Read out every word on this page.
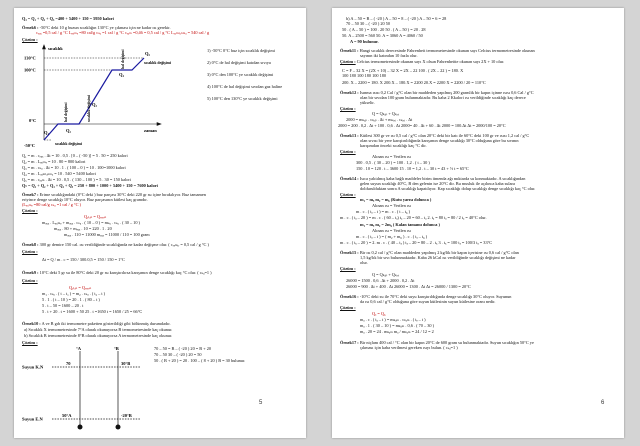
Q₃ = Q₁ + Q₂ + Q₃ =400 + 5400 + 150 = 5950 kalori
Örnek6 : -50°C deki 10 g buzun sıcaklığın 130°C ye çıkması için ne kadar ısı gerekir.
cₔᵤₓ =0,5 cal / g °C Lₑᵣᵢₘₑ =80 cal/g cₛᵤ =1 cal / g °C cₔₐₘ =0,46 = 0,5 cal / g °C Lₔₐₘₗₐₙₘₐ = 540 cal / g
Çözüm :
130°C
100°C
0°C
-50°C
sıcaklık
zaman
Q₁	Q₂
Q₃
Q₄
Q₅
sıcaklık değişimi
hal değişimi	sıcaklık değişimi
hal değişimi	sıcaklık değişimi
1) -50°C 0°C buz için sıcaklık değişimi
2) 0°C de hal değişimi katıdan sıvıya
3) 0°C den 100°C ye sıcaklık değişimi
4) 100°C de hal değişimi sıvıdan gaz haline
5) 100°C den 130°C ye sıcaklık değişimi
Q₁ = m . cₔᵤₓ . Δt = 10 . 0,5 . [0 – ( -50 )] = 5 . 50 = 250 kalori
Q₂ = m . Lₑᵣᵢₘₑ = 10 . 80 = 800 kalori
Q₃ = m . cₛᵤ . Δt = 10 . 1 . ( 100 – 0 ) = 10 . 100=1000 kalori
Q₄ = m . Lₔₐₘₗₐₙₘₐ = 10 . 540 = 5400 kalori
Q₅ = m . cₔₐₘ . Δt = 10 . 0,5 . ( 130 – 100 ) = 5 . 30 = 150 kalori
Qₜ = Q₁ + Q₂ + Q₃ + Q₄ + Q₅ = 250 + 800 + 1000 + 5400 + 150 = 7600 kalori
Örnek7 : Erime sıcaklığındaki (0°C deki ) buz parçası 30°C deki 220 gr su içine bırakılıyor. Buz tamamen
eriyince denge sıcaklığı 10°C oluyor. Buz parçasının kütlesi kaç gramdır.
(Lₑᵣᵢₘₑ =80 cal/g cₛᵤ =1 cal / g °C )
Çözüm :
Qₐₗₐₙ = Qᵥₑᵣₑₙ
mₔᵤₓ . Lₑᵣᵢₘₑ + mₔᵤₓ . cₛᵤ . ( 10 – 0 ) = mₛᵤ . cₛᵤ . ( 30 – 10 )
mₔᵤₓ . 80 + mₔᵤₓ . 10 = 220 . 1 . 20
mₔᵤₓ . 110 = 11000 mₔᵤₓ = 11000 / 110 = 100 gram
Örnek8 : 300 gr demire 150 cal. ısı verildiğinde sıcaklığında ne kadar değişme olur. ( cₔₑₘᵢᵣ = 0,5 cal / g °C )
Çözüm :
Δt = Q / m . c = 150 / 300.0,5 = 150 / 150 = 1°C
Örnek9 : 10°C deki 5 gr su ile 80°C deki 20 gr su karıştırılırsa karışımın denge sıcaklığı kaç °C olur. ( cₛᵤ=1 )
Çözüm :
Qₐₗₐₙ = Qᵥₑᵣₑₙ
m₁ . cₛᵤ . ( t – t₁ ) = m₂ . cₛᵤ . ( t₂ – t )
5 . 1 . ( t – 10 ) = 20 . 1 . ( 80 – t )
5 . t – 50 = 1600 – 20 . t
5 . t + 20 . t = 1600 + 50 25 . t =1650 t = 1650 / 25 = 66°C
Örnek10 : A ve B gıb iki termometre paketten gösterildiği gibi bölünmüş durumdadır.
a) Sıcaklık X termometresinde 7°A olarak okunuyorsa B termometresinde kaç okunur.
b) Sıcaklık B termometresinde 8°B olarak okunuyorsa A termometresinde kaç okunur.
Çözüm :
°A	°B
Suyun K.N
Suyun E.N
70
50°A
30°B
-20°B
70 – 50 = B – ( -20 ) 20 = B + 20
70 – 50 30 – ( -20 ) 20 = 50
50 . ( B + 20 ) = 20 . 100 – ( 8 + 20 ) B = 30 bulunur.
5
b) A – 50 = B – ( -20 ) A – 50 = 8 – ( -20 ) A – 50 = 6 = 28
70 – 50 30 – ( -20 ) 20 50
50 . ( A – 50 ) = 100 . 20 50 . ( A – 50 ) = 20 . 28
50. A – 2500 = 560 50. A = 3060 A = 4060 / 50
A = 90 bulunur.
Örnek11 : Hangi sıcaklık derecesinde Fahrenheit termometresinde okunan sayı Celcius termometresinde okunan
sayının iki katından 10 fazla olur.
Çözüm : Celcius termometresinde okunan sayı X olsun Fahrenheitte okunan sayı 2X + 10 olur.
C = F – 32 X = (2X + 10) – 32 X = 2X – 22 100 . ( 2X – 22 ) = 180. X
100 180 100 180 100 180
200. X – 2200 = 180. X 200.X – 180.X = 2200 20.X = 2200 X = 2200 / 20 = 110°C
Örnek12 : Isınma ısısı 0,2 Cal / g°C olan bir maddeden yapılmış 200 gramlik bir kapın içinne ısısı 0,6 Cal / g°C
olan bir sıvıdan 100 gram bulunmaktadır. Bu kaba 2 Kkalori ısı verildiğinde sıcaklığı kaç derece
yükselir.
Çözüm :
Q = Qₖₐₚ + Qₛᵢᵥᵢ
2000 = mₖₐₚ . cₖₐₚ . Δt + mₛᵢᵥᵢ . cₛᵢᵥᵢ . Δt
2000 = 200 . 0,2 . Δt + 100 . 0,6 . Δt 2000= 40 . Δt + 60 . Δt 2000 = 100.Δt Δt = 2000/100 = 20°C
Örnek13 : Kütlesi 300 gr ve ısı 0,5 cal / g°C olan 20°C deki bir katı ile 60°C deki 100 gr ve ısısı 1,2 cal / g°C
olan sıvısı bir yere karıştırıldığında karışımın denge sıcaklığı 30°C olduğuna göre bu sıvının
karışımdan önceki sıcaklığı kaç °C dir.
Çözüm :
Alınan ısı = Verilen ısı
300 . 0,5 . ( 30 – 20 ) = 100 . 1,2 . ( t – 30 )
150 . 10 = 120 . t – 3600 15 . 10 = 1,2 . t – 30 t = 43 + ½ t = 65°C
Örnek14 : Isıca yalıtılmış kaba bağlı maddeler birim itmenda ağı mıktarda su konmaktadır. A sıcaklığından
gelen suyun sıcaklığı 40°C, B den gelenin ise 20°C dir. Bu musluk ile açılınca kaba sulara
doldurulduktan sonra A sıcaklığı kapatılıyor. Kap sıcaklığı dolup sıcaklığı denge sıcaklığı kaç °C olur.
Çözüm :
m₁ = mₐ m₂ = m₆ (Kutu yarısı dolunca )
Alınan ısı = Verilen ısı
m . c . ( tₐ – t ) = m . c . ( t – t₆ )
m . c . ( tₐ – 20 ) = m . c . ( 60 – tₐ) tₐ – 20 = 60 – tₐ 2. tₐ = 80 tₐ = 80 / 2 tₐ = 40°C olur.
m₁ = mₐ m₂ = 2m₆ ( Kalan tamamı dolunca )
Alınan ısı = Verilen ısı
m . c . ( tₐ – t ) = ( m₂ + m₆ ) . c . ( tₐ – t₆ )
m . c . ( tₓ – 20 ) = 2. m . c . ( 40 – tₓ ) tₓ – 20 = 80 – 2 . tₓ 3 . tₓ = 100 tₓ = 100/3 tₓ = 33°C
Örnek15 : Bir ısı 0,2 cal / g°C olan maddeden yapılmış 2 kg/lik bir kapın içerisine ısı 0,6 cal / g°C olan
1,5 kg/lık bir sıvı bulunmaktadır. Kaba 26 kCal ısı verildiğinde sıcaklığı değişimi ne kadar
olur.
Çözüm :
Q = Qₖₐₚ + Qₛᵢᵥᵢ
26000 = 1500 . 0,6 . Δt + 2000 . 0,2 . Δt
26000 = 900 . Δt + 400 . Δt 26000 = 1300 . Δt Δt = 26000 / 1300 = 20°C
Örnek16 : -10°C deki su ile 70°C deki suyu karıştırıldığında denge sıcaklığı 30°C oluyor. Suyunun
da ısı 0,6 cal / g°C olduğuna göre suyun kütlesinin suyun kütlesine oranı nedir.
Çözüm :
Qₐ = Q₆
mₐ . c . ( tₐ – t ) = mₖₐₘ . cₖₐₘ . ( tₑ – t )
mₐ . 1 . ( 30 – 10 ) = mₖₐₘ . 0,6 . ( 70 – 30 )
mₐ . 20 = 24 . mₖₐₘ mₐ / mₖₐₘ = 24 / 12 = 2
Örnek17 : Bir niçlam 400 cal / °C olan bir kapın 20°C de 600 gram su bulunmaktadır. Suyun sıcaklığın 50°C ye
çıkması için kaba verilmesi gereken ısıyı bulun. ( cₛᵤ=1 )
6
